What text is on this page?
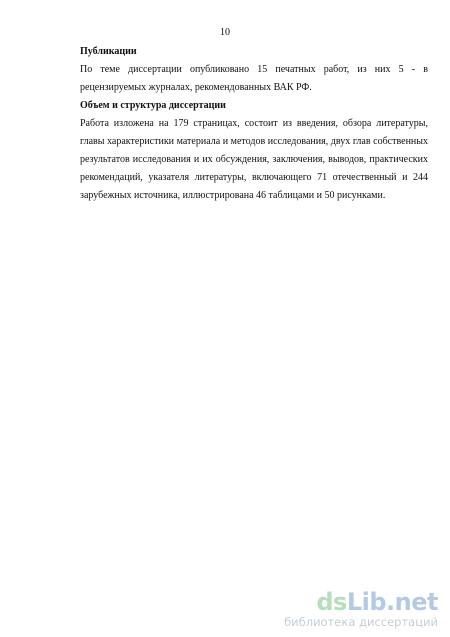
10

Публикации

По теме диссертации опубликовано 15 печатных работ, из них 5 - в
рецензируемых журналах, рекомендованных ВАК РФ.

Объем и структура диссертации

Работа изложена на 179 страницах, состоит из введения, обзора литературы,
главы характеристики материала и методов исследования, двух глав собственных
результатов исследования и их обсуждения, заключения, выводов, практических
рекомендаций, указателя литературы, включающего 71 отечественный и 244
зарубежных источника, иллюстрирована 46 таблицами и 50 рисунками.

dsLib.net
библиотека диссертаций
